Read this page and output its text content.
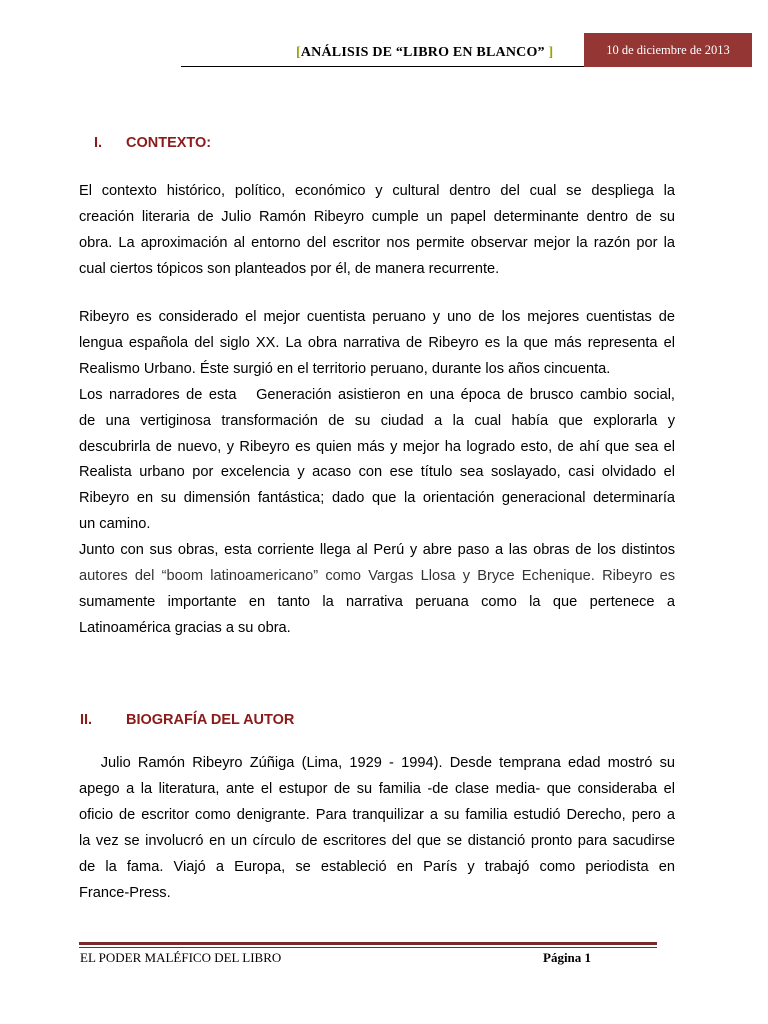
[ANÁLISIS DE “LIBRO EN BLANCO” ]	10 de diciembre de 2013
I. CONTEXTO:
El contexto histórico, político, económico y cultural dentro del cual se despliega la
creación literaria de Julio Ramón Ribeyro cumple un papel determinante dentro de su
obra. La aproximación al entorno del escritor nos permite observar mejor la razón por la
cual ciertos tópicos son planteados por él, de manera recurrente.
Ribeyro es considerado el mejor cuentista peruano y uno de los mejores cuentistas de
lengua española del siglo XX. La obra narrativa de Ribeyro es la que más representa el
Realismo Urbano. Éste surgió en el territorio peruano, durante los años cincuenta.
Los narradores de esta   Generación asistieron en una época de brusco cambio social,
de una vertiginosa transformación de su ciudad a la cual había que explorarla y
descubrirla de nuevo, y Ribeyro es quien más y mejor ha logrado esto, de ahí que sea el
Realista urbano por excelencia y acaso con ese título sea soslayado, casi olvidado el
Ribeyro en su dimensión fantástica; dado que la orientación generacional determinaría
un camino.
Junto con sus obras, esta corriente llega al Perú y abre paso a las obras de los distintos
autores del “boom latinoamericano” como Vargas Llosa y Bryce Echenique. Ribeyro es
sumamente importante en tanto la narrativa peruana como la que pertenece a
Latinoamérica gracias a su obra.
II. BIOGRAFÍA DEL AUTOR
Julio Ramón Ribeyro Zúñiga (Lima, 1929 - 1994). Desde temprana edad mostró su
apego a la literatura, ante el estupor de su familia -de clase media- que consideraba el
oficio de escritor como denigrante. Para tranquilizar a su familia estudió Derecho, pero a
la vez se involucró en un círculo de escritores del que se distanció pronto para sacudirse
de la fama. Viajó a Europa, se estableció en París y trabajó como periodista en
France-Press.
EL PODER MALÉFICO DEL LIBRO	Página 1
